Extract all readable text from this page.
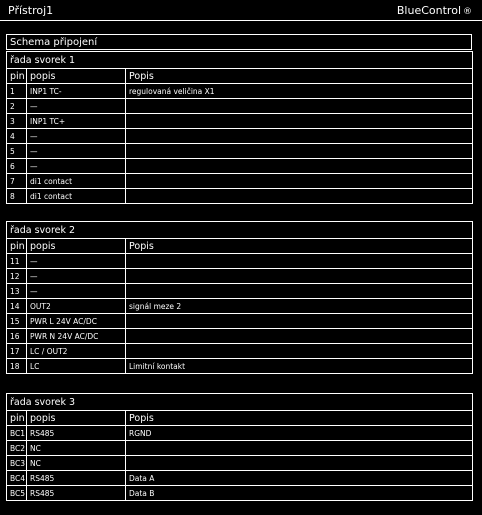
Přístroj1	BlueControl ®
Schema připojení
řada svorek 1		
pin	popis	Popis
1	INP1 TC-	regulovaná veličina X1
2	—	
3	INP1 TC+	
4	—	
5	—	
6	—	
7	di1 contact	
8	di1 contact	
řada svorek 2		
pin	popis	Popis
11	—	
12	—	
13	—	
14	OUT2	signál meze 2
15	PWR L 24V AC/DC	
16	PWR N 24V AC/DC	
17	LC / OUT2	
18	LC	Limitní kontakt
řada svorek 3		
pin	popis	Popis
BC1	RS485	RGND
BC2	NC	
BC3	NC	
BC4	RS485	Data A
BC5	RS485	Data B
